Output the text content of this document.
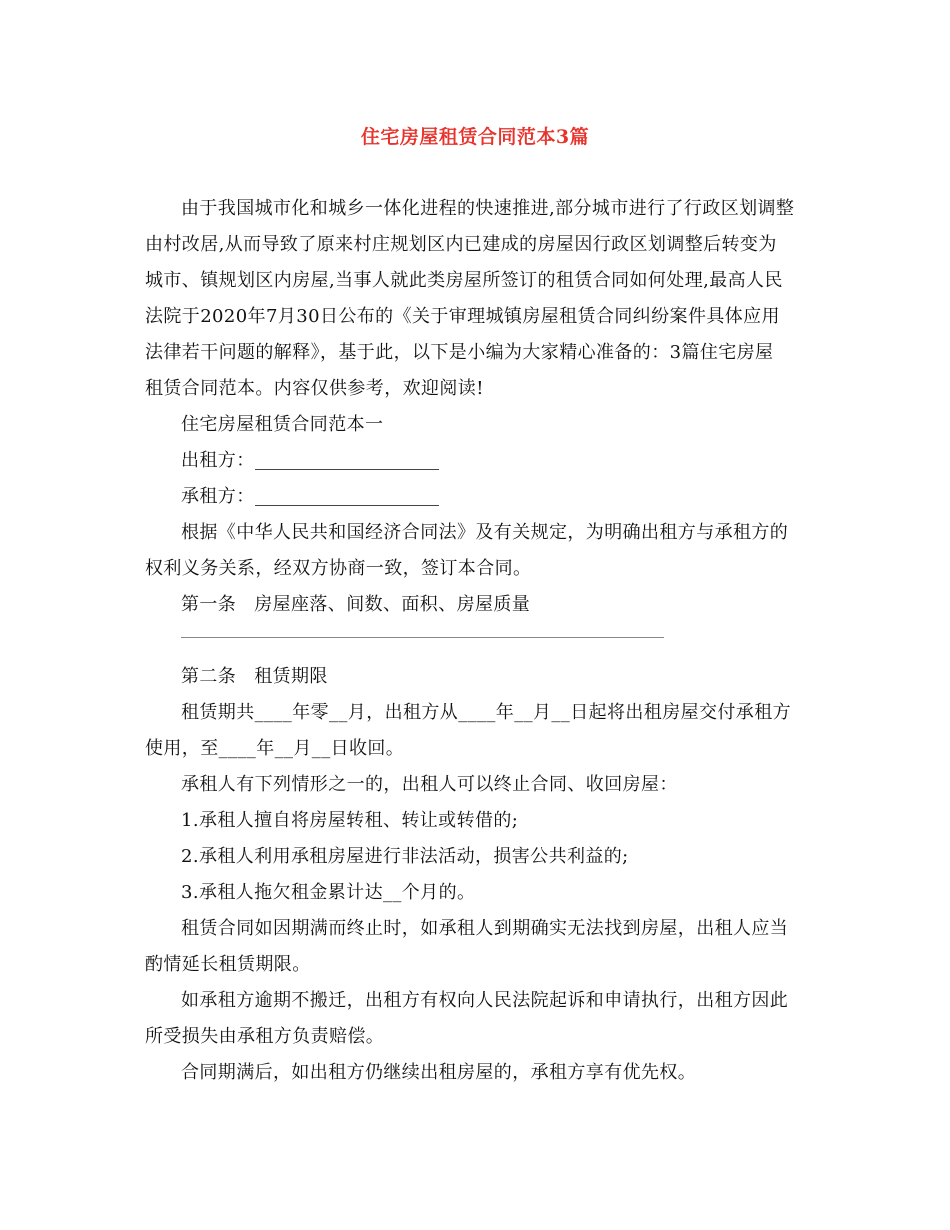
住宅房屋租赁合同范本3篇
由于我国城市化和城乡一体化进程的快速推进,部分城市进行了行政区划调整
由村改居,从而导致了原来村庄规划区内已建成的房屋因行政区划调整后转变为
城市、镇规划区内房屋,当事人就此类房屋所签订的租赁合同如何处理,最高人民
法院于2020年7月30日公布的《关于审理城镇房屋租赁合同纠纷案件具体应用
法律若干问题的解释》，基于此，以下是小编为大家精心准备的：3篇住宅房屋
租赁合同范本。内容仅供参考，欢迎阅读!
住宅房屋租赁合同范本一
出租方：
承租方：
根据《中华人民共和国经济合同法》及有关规定，为明确出租方与承租方的
权利义务关系，经双方协商一致，签订本合同。
第一条 房屋座落、间数、面积、房屋质量
第二条 租赁期限
租赁期共____年零__月，出租方从____年__月__日起将出租房屋交付承租方
使用，至____年__月__日收回。
承租人有下列情形之一的，出租人可以终止合同、收回房屋：
1.承租人擅自将房屋转租、转让或转借的;
2.承租人利用承租房屋进行非法活动，损害公共利益的;
3.承租人拖欠租金累计达__个月的。
租赁合同如因期满而终止时，如承租人到期确实无法找到房屋，出租人应当
酌情延长租赁期限。
如承租方逾期不搬迁，出租方有权向人民法院起诉和申请执行，出租方因此
所受损失由承租方负责赔偿。
合同期满后，如出租方仍继续出租房屋的，承租方享有优先权。
